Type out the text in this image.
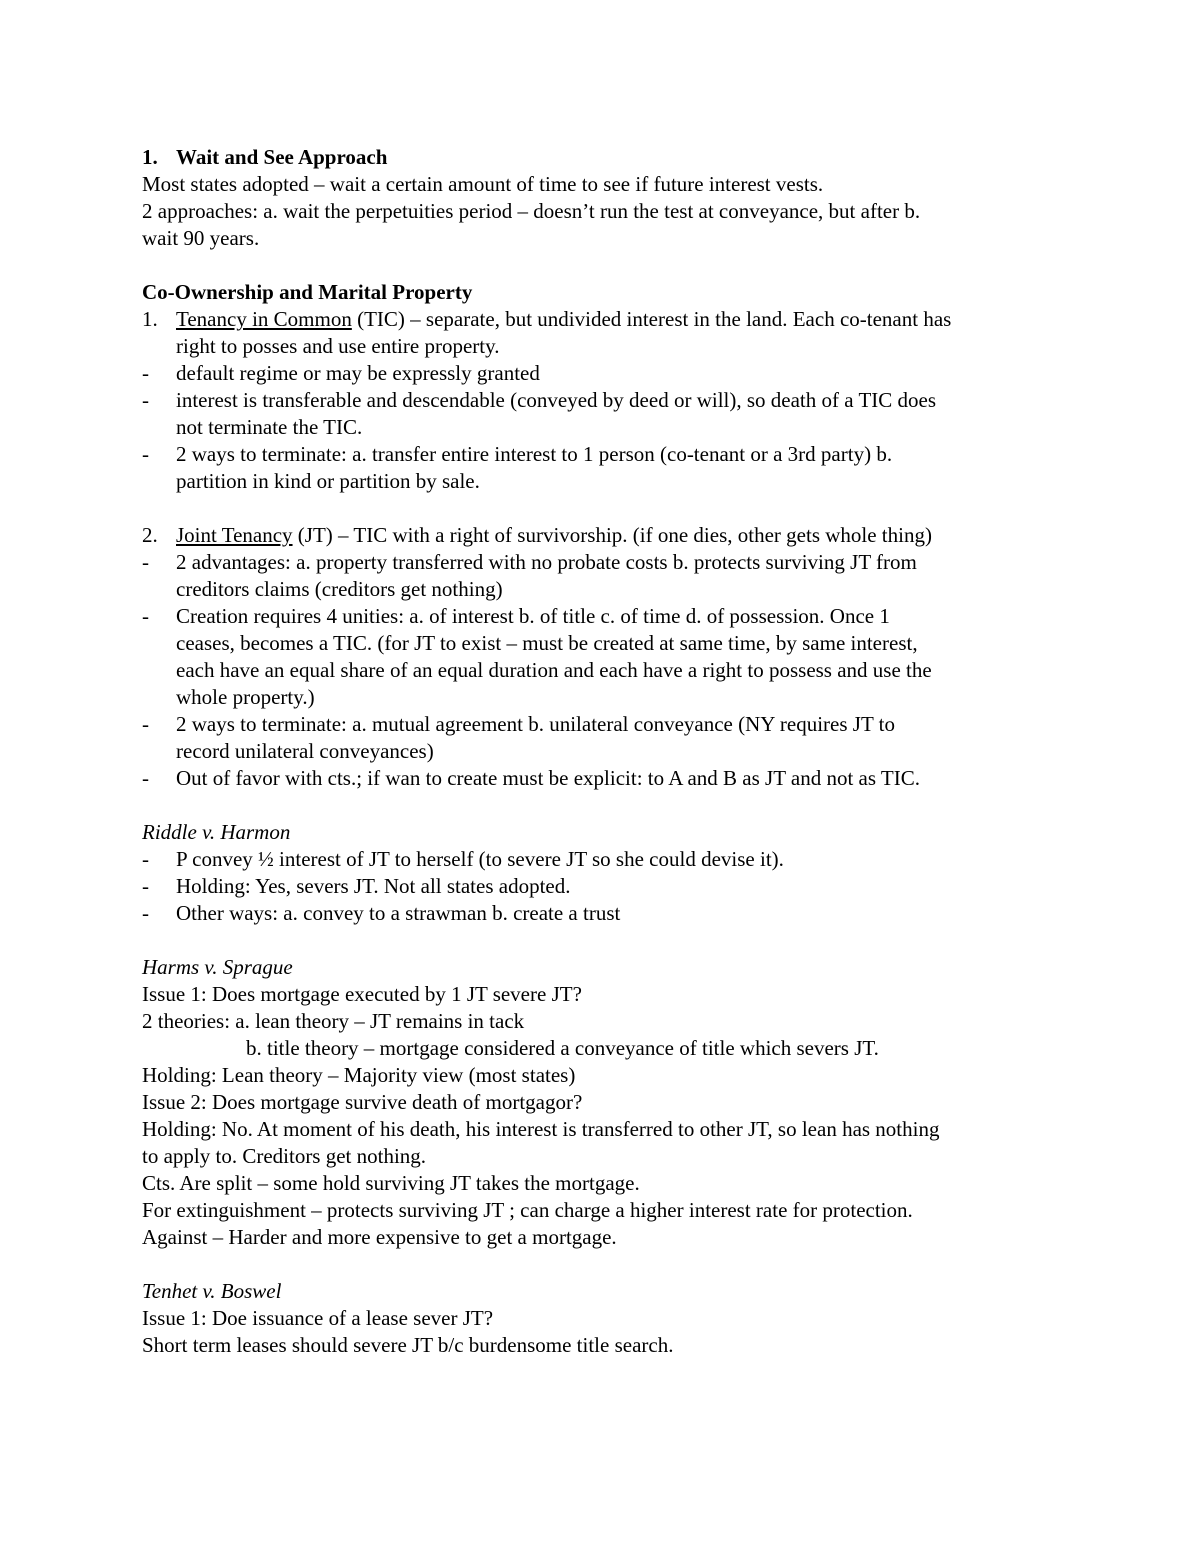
1. Wait and See Approach
Most states adopted – wait a certain amount of time to see if future interest vests.
2 approaches: a. wait the perpetuities period – doesn’t run the test at conveyance, but after b.
wait 90 years.
Co-Ownership and Marital Property
1. Tenancy in Common (TIC) – separate, but undivided interest in the land. Each co-tenant has
right to posses and use entire property.
-	default regime or may be expressly granted
-	interest is transferable and descendable (conveyed by deed or will), so death of a TIC does
not terminate the TIC.
-	2 ways to terminate: a. transfer entire interest to 1 person (co-tenant or a 3rd party) b.
partition in kind or partition by sale.
2. Joint Tenancy (JT) – TIC with a right of survivorship. (if one dies, other gets whole thing)
-	2 advantages: a. property transferred with no probate costs b. protects surviving JT from
creditors claims (creditors get nothing)
-	Creation requires 4 unities: a. of interest b. of title c. of time d. of possession. Once 1
ceases, becomes a TIC. (for JT to exist – must be created at same time, by same interest,
each have an equal share of an equal duration and each have a right to possess and use the
whole property.)
-	2 ways to terminate: a. mutual agreement b. unilateral conveyance (NY requires JT to
record unilateral conveyances)
-	Out of favor with cts.; if wan to create must be explicit: to A and B as JT and not as TIC.
Riddle v. Harmon
-	P convey ½ interest of JT to herself (to severe JT so she could devise it).
-	Holding: Yes, severs JT. Not all states adopted.
-	Other ways: a. convey to a strawman b. create a trust
Harms v. Sprague
Issue 1: Does mortgage executed by 1 JT severe JT?
2 theories: a. lean theory – JT remains in tack
b. title theory – mortgage considered a conveyance of title which severs JT.
Holding: Lean theory – Majority view (most states)
Issue 2: Does mortgage survive death of mortgagor?
Holding: No. At moment of his death, his interest is transferred to other JT, so lean has nothing
to apply to. Creditors get nothing.
Cts. Are split – some hold surviving JT takes the mortgage.
For extinguishment – protects surviving JT ; can charge a higher interest rate for protection.
Against – Harder and more expensive to get a mortgage.
Tenhet v. Boswel
Issue 1: Doe issuance of a lease sever JT?
Short term leases should severe JT b/c burdensome title search.
